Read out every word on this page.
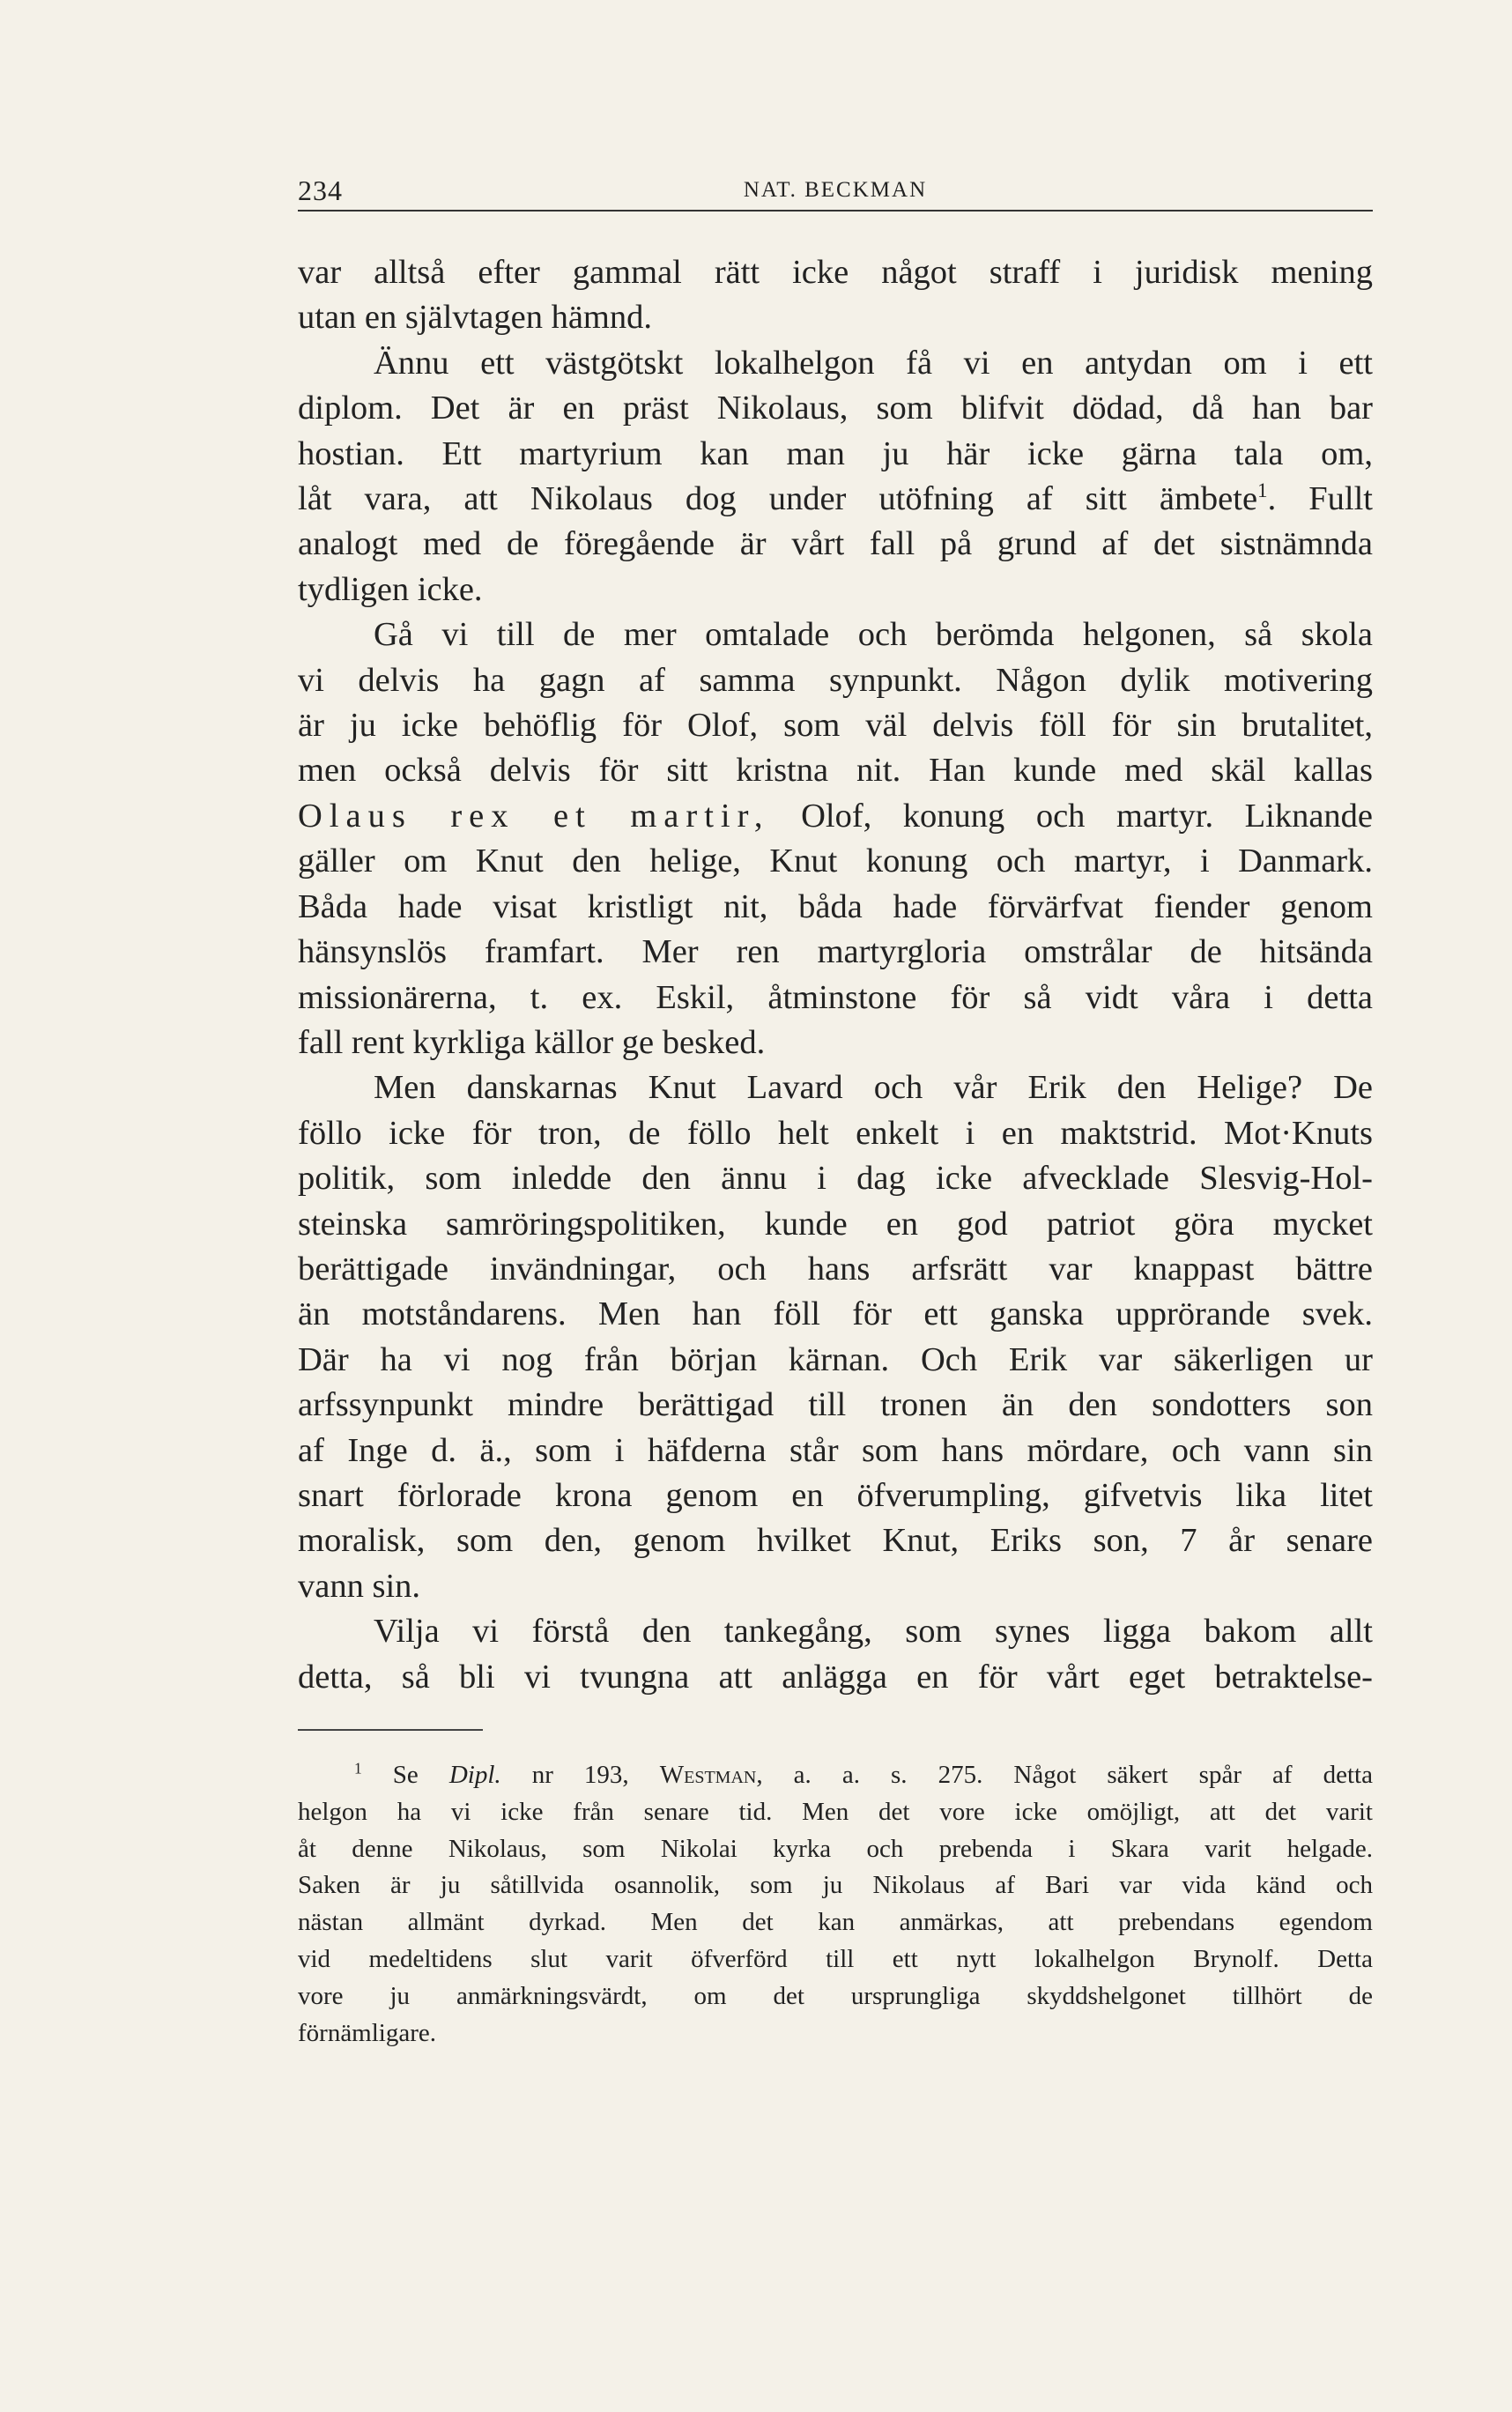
234	NAT. BECKMAN
var alltså efter gammal rätt icke något straff i juridisk mening
utan en självtagen hämnd.
Ännu ett västgötskt lokalhelgon få vi en antydan om i ett
diplom. Det är en präst Nikolaus, som blifvit dödad, då han bar
hostian. Ett martyrium kan man ju här icke gärna tala om,
låt vara, att Nikolaus dog under utöfning af sitt ämbete$^1$. Fullt
analogt med de föregående är vårt fall på grund af det sistnämnda
tydligen icke.
Gå vi till de mer omtalade och berömda helgonen, så skola
vi delvis ha gagn af samma synpunkt. Någon dylik motivering
är ju icke behöflig för Olof, som väl delvis föll för sin brutalitet,
men också delvis för sitt kristna nit. Han kunde med skäl kallas
Olaus rex et martir, Olof, konung och martyr. Liknande
gäller om Knut den helige, Knut konung och martyr, i Danmark.
Båda hade visat kristligt nit, båda hade förvärfvat fiender genom
hänsynslös framfart. Mer ren martyrgloria omstrålar de hitsända
missionärerna, t. ex. Eskil, åtminstone för så vidt våra i detta
fall rent kyrkliga källor ge besked.
Men danskarnas Knut Lavard och vår Erik den Helige? De
föllo icke för tron, de föllo helt enkelt i en maktstrid. Mot·Knuts
politik, som inledde den ännu i dag icke afvecklade Slesvig-Hol-
steinska samröringspolitiken, kunde en god patriot göra mycket
berättigade invändningar, och hans arfsrätt var knappast bättre
än motståndarens. Men han föll för ett ganska upprörande svek.
Där ha vi nog från början kärnan. Och Erik var säkerligen ur
arfssynpunkt mindre berättigad till tronen än den sondotters son
af Inge d. ä., som i häfderna står som hans mördare, och vann sin
snart förlorade krona genom en öfverumpling, gifvetvis lika litet
moralisk, som den, genom hvilket Knut, Eriks son, 7 år senare
vann sin.
Vilja vi förstå den tankegång, som synes ligga bakom allt
detta, så bli vi tvungna att anlägga en för vårt eget betraktelse-
$^1$ Se Dipl. nr 193, Westman, a. a. s. 275. Något säkert spår af detta
helgon ha vi icke från senare tid. Men det vore icke omöjligt, att det varit
åt denne Nikolaus, som Nikolai kyrka och prebenda i Skara varit helgade.
Saken är ju såtillvida osannolik, som ju Nikolaus af Bari var vida känd och
nästan allmänt dyrkad. Men det kan anmärkas, att prebendans egendom
vid medeltidens slut varit öfverförd till ett nytt lokalhelgon Brynolf. Detta
vore ju anmärkningsvärdt, om det ursprungliga skyddshelgonet tillhört de
förnämligare.
